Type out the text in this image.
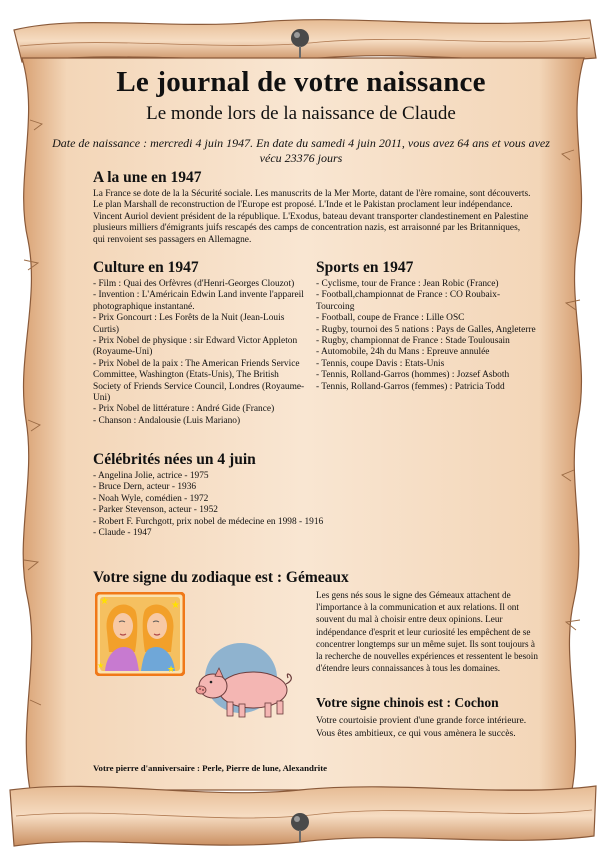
Le journal de votre naissance
Le monde lors de la naissance de Claude
Date de naissance : mercredi 4 juin 1947. En date du samedi 4 juin 2011, vous avez 64 ans et vous avez vécu 23376 jours
A la une en 1947
La France se dote de la la Sécurité sociale. Les manuscrits de la Mer Morte, datant de l'ère romaine, sont découverts. Le plan Marshall de reconstruction de l'Europe est proposé. L'Inde et le Pakistan proclament leur indépendance. Vincent Auriol devient président de la république. L'Exodus, bateau devant transporter clandestinement en Palestine plusieurs milliers d'émigrants juifs rescapés des camps de concentration nazis, est arraisonné par les Britanniques, qui renvoient ses passagers en Allemagne.
Culture en 1947
- Film : Quai des Orfèvres (d'Henri-Georges Clouzot)
- Invention : L'Américain Edwin Land invente l'appareil photographique instantané.
- Prix Goncourt : Les Forêts de la Nuit (Jean-Louis Curtis)
- Prix Nobel de physique : sir Edward Victor Appleton (Royaume-Uni)
- Prix Nobel de la paix : The American Friends Service Committee, Washington (Etats-Unis), The British Society of Friends Service Council, Londres (Royaume-Uni)
- Prix Nobel de littérature : André Gide (France)
- Chanson : Andalousie (Luis Mariano)
Sports en 1947
- Cyclisme, tour de France : Jean Robic (France)
- Football,championnat de France : CO Roubaix-Tourcoing
- Football, coupe de France : Lille OSC
- Rugby, tournoi des 5 nations : Pays de Galles, Angleterre
- Rugby, championnat de France : Stade Toulousain
- Automobile, 24h du Mans : Epreuve annulée
- Tennis, coupe Davis : Etats-Unis
- Tennis, Rolland-Garros (hommes) : Jozsef Asboth
- Tennis, Rolland-Garros (femmes) : Patricia Todd
Célébrités nées un 4 juin
- Angelina Jolie, actrice - 1975
- Bruce Dern, acteur - 1936
- Noah Wyle, comédien - 1972
- Parker Stevenson, acteur - 1952
- Robert F. Furchgott, prix nobel de médecine en 1998 - 1916
- Claude - 1947
Votre signe du zodiaque est : Gémeaux
★	★
★
★
Les gens nés sous le signe des Gémeaux attachent de l'importance à la communication et aux relations. Il ont souvent du mal à choisir entre deux opinions. Leur indépendance d'esprit et leur curiosité les empêchent de se concentrer longtemps sur un même sujet. Ils sont toujours à la recherche de nouvelles expériences et ressentent le besoin d'étendre leurs connaissances à tous les domaines.
Votre signe chinois est : Cochon
Votre courtoisie provient d'une grande force intérieure. Vous êtes ambitieux, ce qui vous amènera le succès.
Votre pierre d'anniversaire : Perle, Pierre de lune, Alexandrite
